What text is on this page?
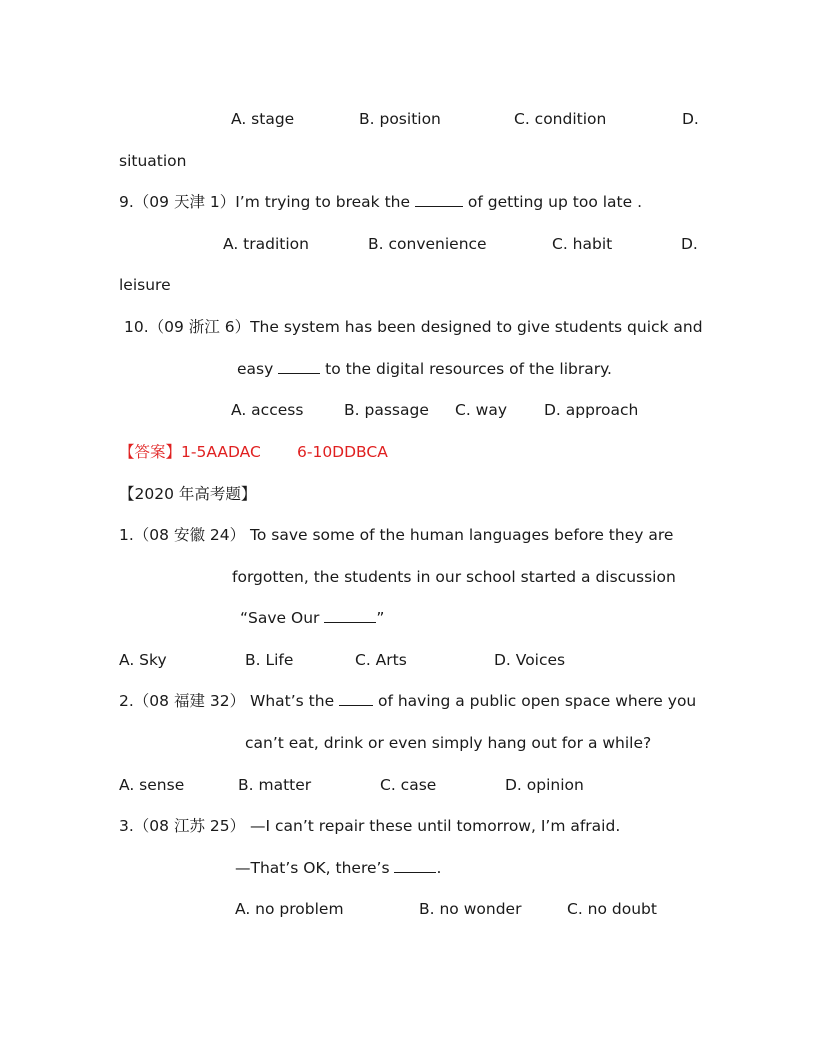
A. stage	B. position	C. condition	D.
situation
9.（09 天津 1）I’m trying to break the	of getting up too late .
A. tradition	B. convenience	C. habit	D.
leisure
10.（09 浙江 6）The system has been designed to give students quick and
easy	to the digital resources of the library.
A. access	B. passage C. way D. approach
【答案】1-5AADAC 6-10DDBCA
【2020 年高考题】
1.（08 安徽 24） To save some of the human languages before they are
forgotten, the students in our school started a discussion
“Save Our	”
A. Sky	B. Life	C. Arts	D. Voices
2.（08 福建 32） What’s the	of having a public open space where you
can’t eat, drink or even simply hang out for a while?
A. sense	B. matter	C. case	D. opinion
3.（08 江苏 25） —I can’t repair these until tomorrow, I’m afraid.
—That’s OK, there’s	.
A. no problem	B. no wonder	C. no doubt
